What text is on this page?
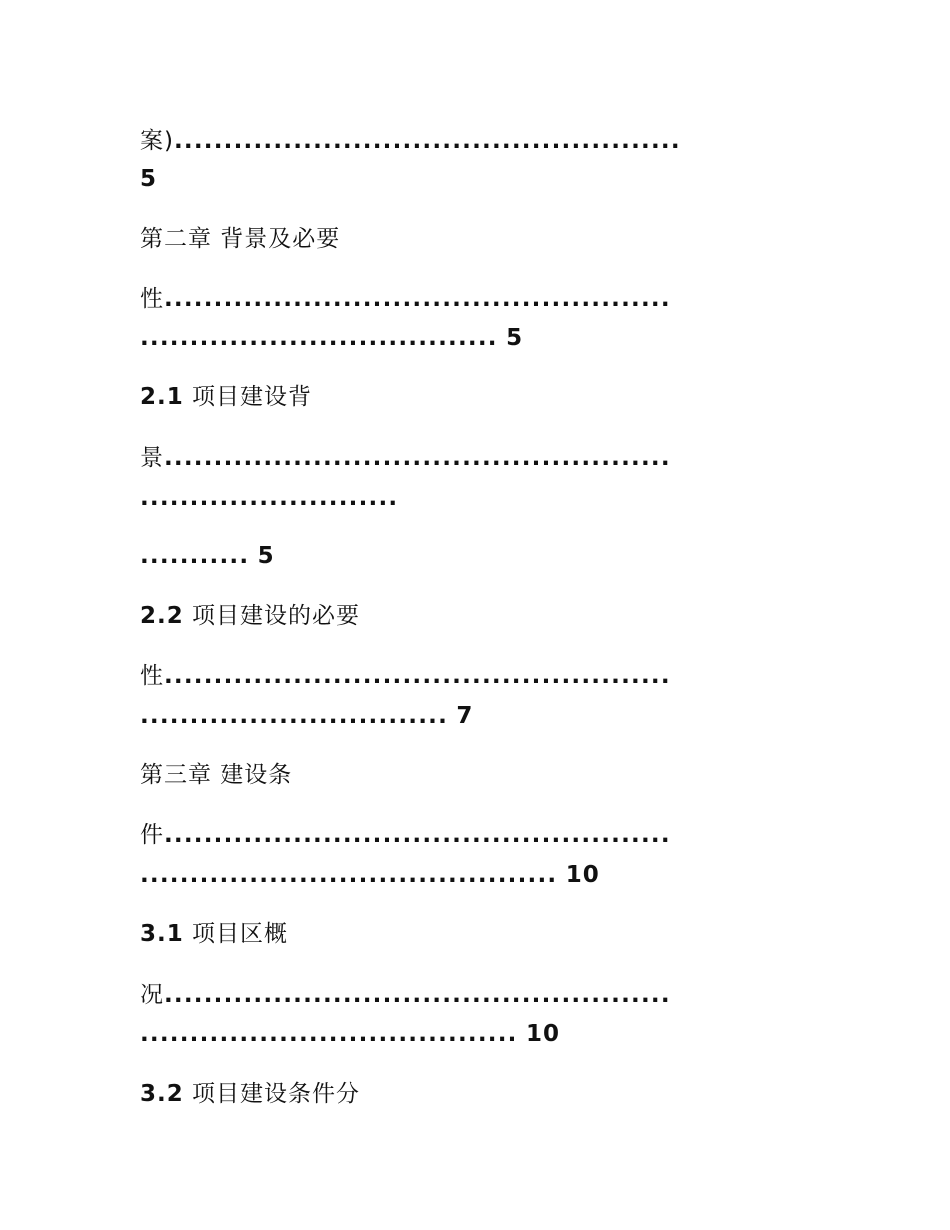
案)...................................................
5
第二章 背景及必要
性...................................................
.................................... 5
2.1 项目建设背
景...................................................
..........................
........... 5
2.2 项目建设的必要
性...................................................
............................... 7
第三章 建设条
件...................................................
.......................................... 10
3.1 项目区概
况...................................................
...................................... 10
3.2 项目建设条件分
